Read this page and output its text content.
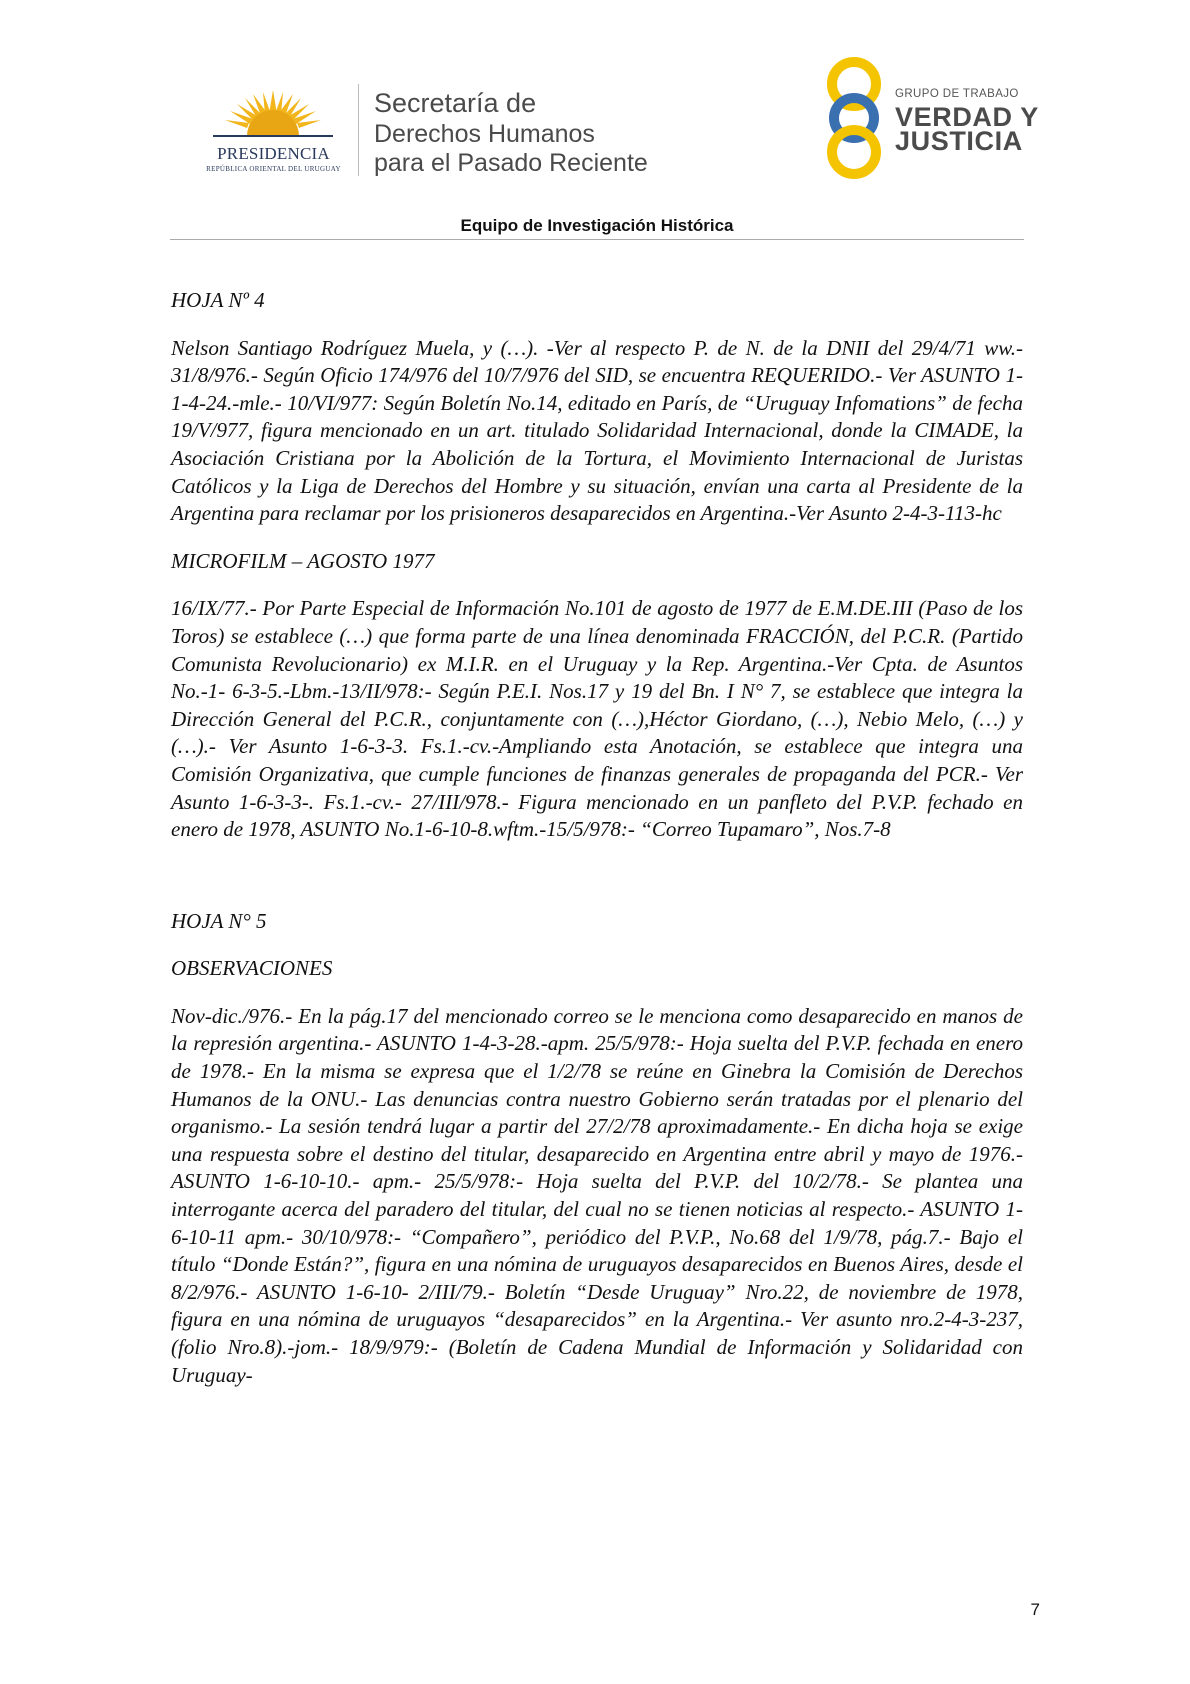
PRESIDENCIA
REPÚBLICA ORIENTAL DEL URUGUAY
Secretaría de
Derechos Humanos
para el Pasado Reciente
GRUPO DE TRABAJO
VERDAD Y
JUSTICIA
Equipo de Investigación Histórica

HOJA Nº 4

Nelson Santiago Rodríguez Muela, y (…). -Ver al respecto P. de N. de la DNII del 29/4/71 ww.- 31/8/976.- Según Oficio 174/976 del 10/7/976 del SID, se encuentra REQUERIDO.- Ver ASUNTO 1-1-4-24.-mle.- 10/VI/977: Según Boletín No.14, editado en París, de “Uruguay Infomations” de fecha 19/V/977, figura mencionado en un art. titulado Solidaridad Internacional, donde la CIMADE, la Asociación Cristiana por la Abolición de la Tortura, el Movimiento Internacional de Juristas Católicos y la Liga de Derechos del Hombre y su situación, envían una carta al Presidente de la Argentina para reclamar por los prisioneros desaparecidos en Argentina.-Ver Asunto 2-4-3-113-hc

MICROFILM – AGOSTO 1977

16/IX/77.- Por Parte Especial de Información No.101 de agosto de 1977 de E.M.DE.III (Paso de los Toros) se establece (…) que forma parte de una línea denominada FRACCIÓN, del P.C.R. (Partido Comunista Revolucionario) ex M.I.R. en el Uruguay y la Rep. Argentina.-Ver Cpta. de Asuntos No.-1- 6-3-5.-Lbm.-13/II/978:- Según P.E.I. Nos.17 y 19 del Bn. I N° 7, se establece que integra la Dirección General del P.C.R., conjuntamente con (…),Héctor Giordano, (…), Nebio Melo, (…) y (…).- Ver Asunto 1-6-3-3. Fs.1.-cv.-Ampliando esta Anotación, se establece que integra una Comisión Organizativa, que cumple funciones de finanzas generales de propaganda del PCR.- Ver Asunto 1-6-3-3-. Fs.1.-cv.- 27/III/978.- Figura mencionado en un panfleto del P.V.P. fechado en enero de 1978, ASUNTO No.1-6-10-8.wftm.-15/5/978:- “Correo Tupamaro”, Nos.7-8

HOJA N° 5

OBSERVACIONES

Nov-dic./976.- En la pág.17 del mencionado correo se le menciona como desaparecido en manos de la represión argentina.- ASUNTO 1-4-3-28.-apm. 25/5/978:- Hoja suelta del P.V.P. fechada en enero de 1978.- En la misma se expresa que el 1/2/78 se reúne en Ginebra la Comisión de Derechos Humanos de la ONU.- Las denuncias contra nuestro Gobierno serán tratadas por el plenario del organismo.- La sesión tendrá lugar a partir del 27/2/78 aproximadamente.- En dicha hoja se exige una respuesta sobre el destino del titular, desaparecido en Argentina entre abril y mayo de 1976.- ASUNTO 1-6-10-10.- apm.- 25/5/978:- Hoja suelta del P.V.P. del 10/2/78.- Se plantea una interrogante acerca del paradero del titular, del cual no se tienen noticias al respecto.- ASUNTO 1-6-10-11 apm.- 30/10/978:- “Compañero”, periódico del P.V.P., No.68 del 1/9/78, pág.7.- Bajo el título “Donde Están?”, figura en una nómina de uruguayos desaparecidos en Buenos Aires, desde el 8/2/976.- ASUNTO 1-6-10- 2/III/79.- Boletín “Desde Uruguay” Nro.22, de noviembre de 1978, figura en una nómina de uruguayos “desaparecidos” en la Argentina.- Ver asunto nro.2-4-3-237, (folio Nro.8).-jom.- 18/9/979:- (Boletín de Cadena Mundial de Información y Solidaridad con Uruguay-

7
